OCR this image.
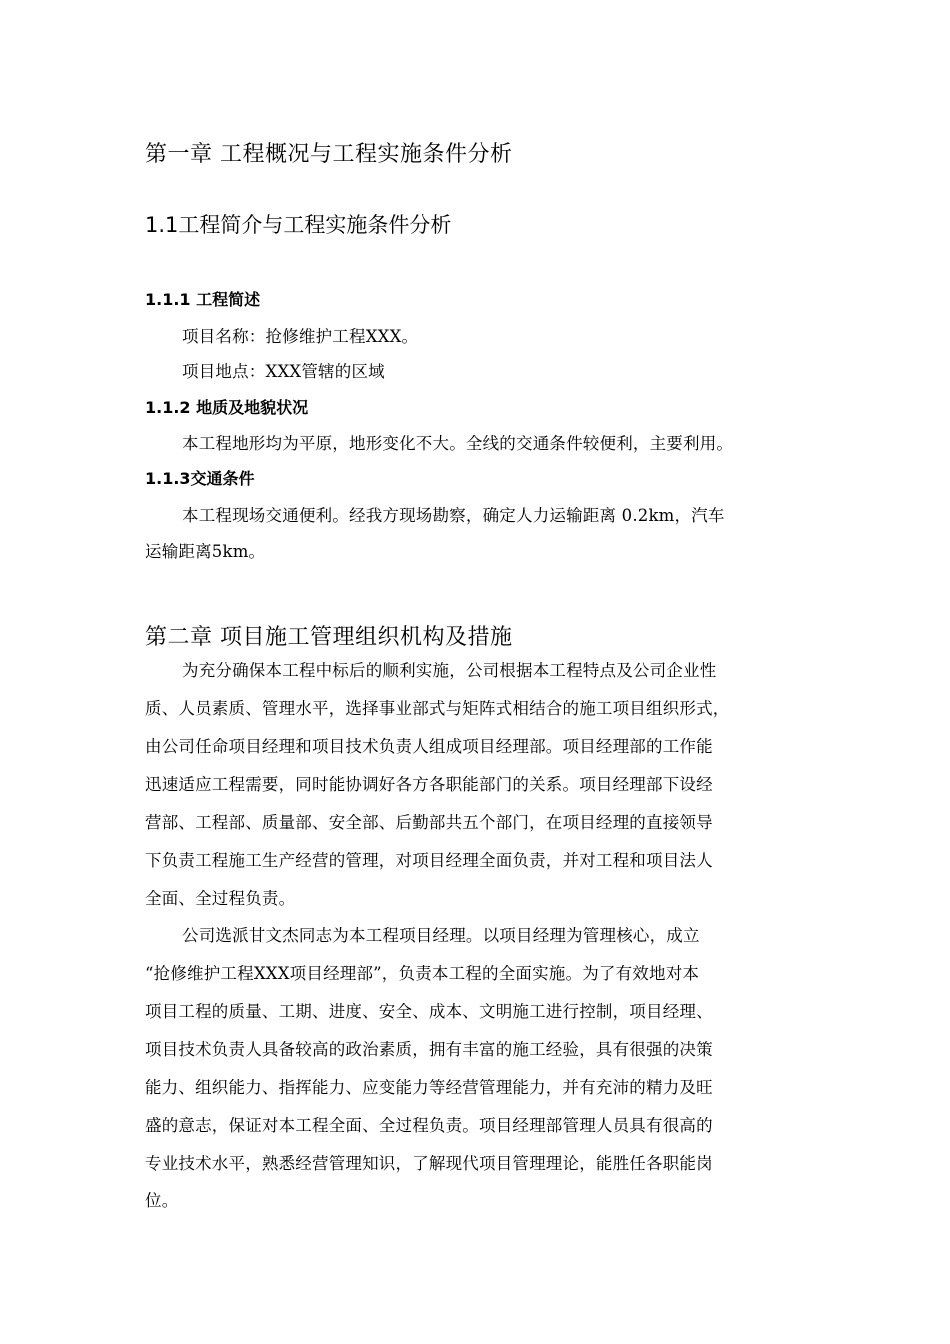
第一章 工程概况与工程实施条件分析
1.1工程简介与工程实施条件分析
1.1.1 工程简述
项目名称：抢修维护工程XXX。
项目地点：XXX管辖的区域
1.1.2 地质及地貌状况
本工程地形均为平原，地形变化不大。全线的交通条件较便利，主要利用。
1.1.3交通条件
本工程现场交通便利。经我方现场勘察，确定人力运输距离 0.2km，汽车
运输距离5km。
第二章 项目施工管理组织机构及措施
为充分确保本工程中标后的顺利实施，公司根据本工程特点及公司企业性
质、人员素质、管理水平，选择事业部式与矩阵式相结合的施工项目组织形式，
由公司任命项目经理和项目技术负责人组成项目经理部。项目经理部的工作能
迅速适应工程需要，同时能协调好各方各职能部门的关系。项目经理部下设经
营部、工程部、质量部、安全部、后勤部共五个部门，在项目经理的直接领导
下负责工程施工生产经营的管理，对项目经理全面负责，并对工程和项目法人
全面、全过程负责。
公司选派甘文杰同志为本工程项目经理。以项目经理为管理核心，成立
“抢修维护工程XXX项目经理部”，负责本工程的全面实施。为了有效地对本
项目工程的质量、工期、进度、安全、成本、文明施工进行控制，项目经理、
项目技术负责人具备较高的政治素质，拥有丰富的施工经验，具有很强的决策
能力、组织能力、指挥能力、应变能力等经营管理能力，并有充沛的精力及旺
盛的意志，保证对本工程全面、全过程负责。项目经理部管理人员具有很高的
专业技术水平，熟悉经营管理知识，了解现代项目管理理论，能胜任各职能岗
位。
